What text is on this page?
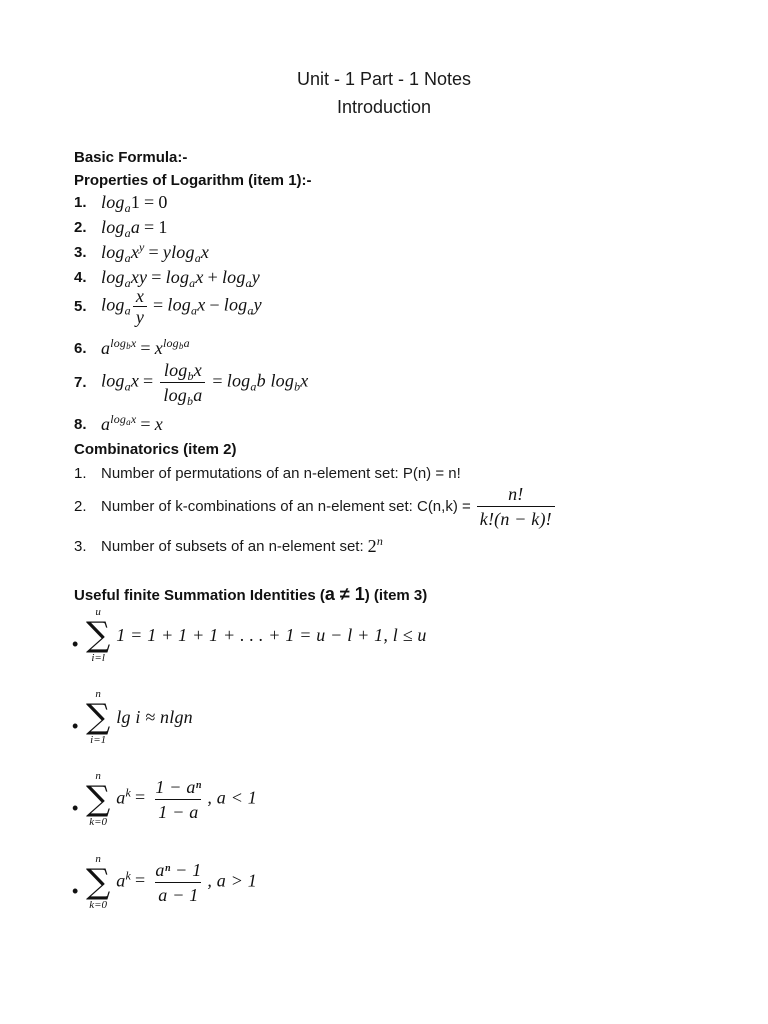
Unit - 1 Part - 1 Notes
Introduction
Basic Formula:-
Properties of Logarithm (item 1):-
1. $\log_a1 = 0$
2. $\log_aa = 1$
3. $\log_ax^y = ylog_ax$
4. $\log_axy = \log_ax + \log_ay$
5. $\log_a \frac{x}{y} = \log_ax - \log_ay$
6. $a^{log_bx} = x^{log_ba}$
7. $\log_ax = \frac{\log_bx}{\log_ba} = \log_ab$ $\log_bx$
8. $a^{log_ax} = x$
Combinatorics (item 2)
1. Number of permutations of an n-element set: P(n) = n!
2. Number of k-combinations of an n-element set: $C(n,k) = \frac{n!}{k!(n - k)!}$
3. Number of subsets of an n-element set: 2$^n$
Useful finite Summation Identities (a ≠ 1) (item 3)
•
u
∑
i=l
1 = 1 + 1 + 1 + . . . + 1 = u − l + 1, l ≤ u
•
n
∑
i=1
lg i ≈ nlgn
•
n
∑
k=0
$a^k = \frac{\text{1 − aⁿ}}{1 - a}$ , a < 1
•
n
∑
k=0
$a^k = \frac{\text{aⁿ − 1}}{a - 1}$ , a > 1
